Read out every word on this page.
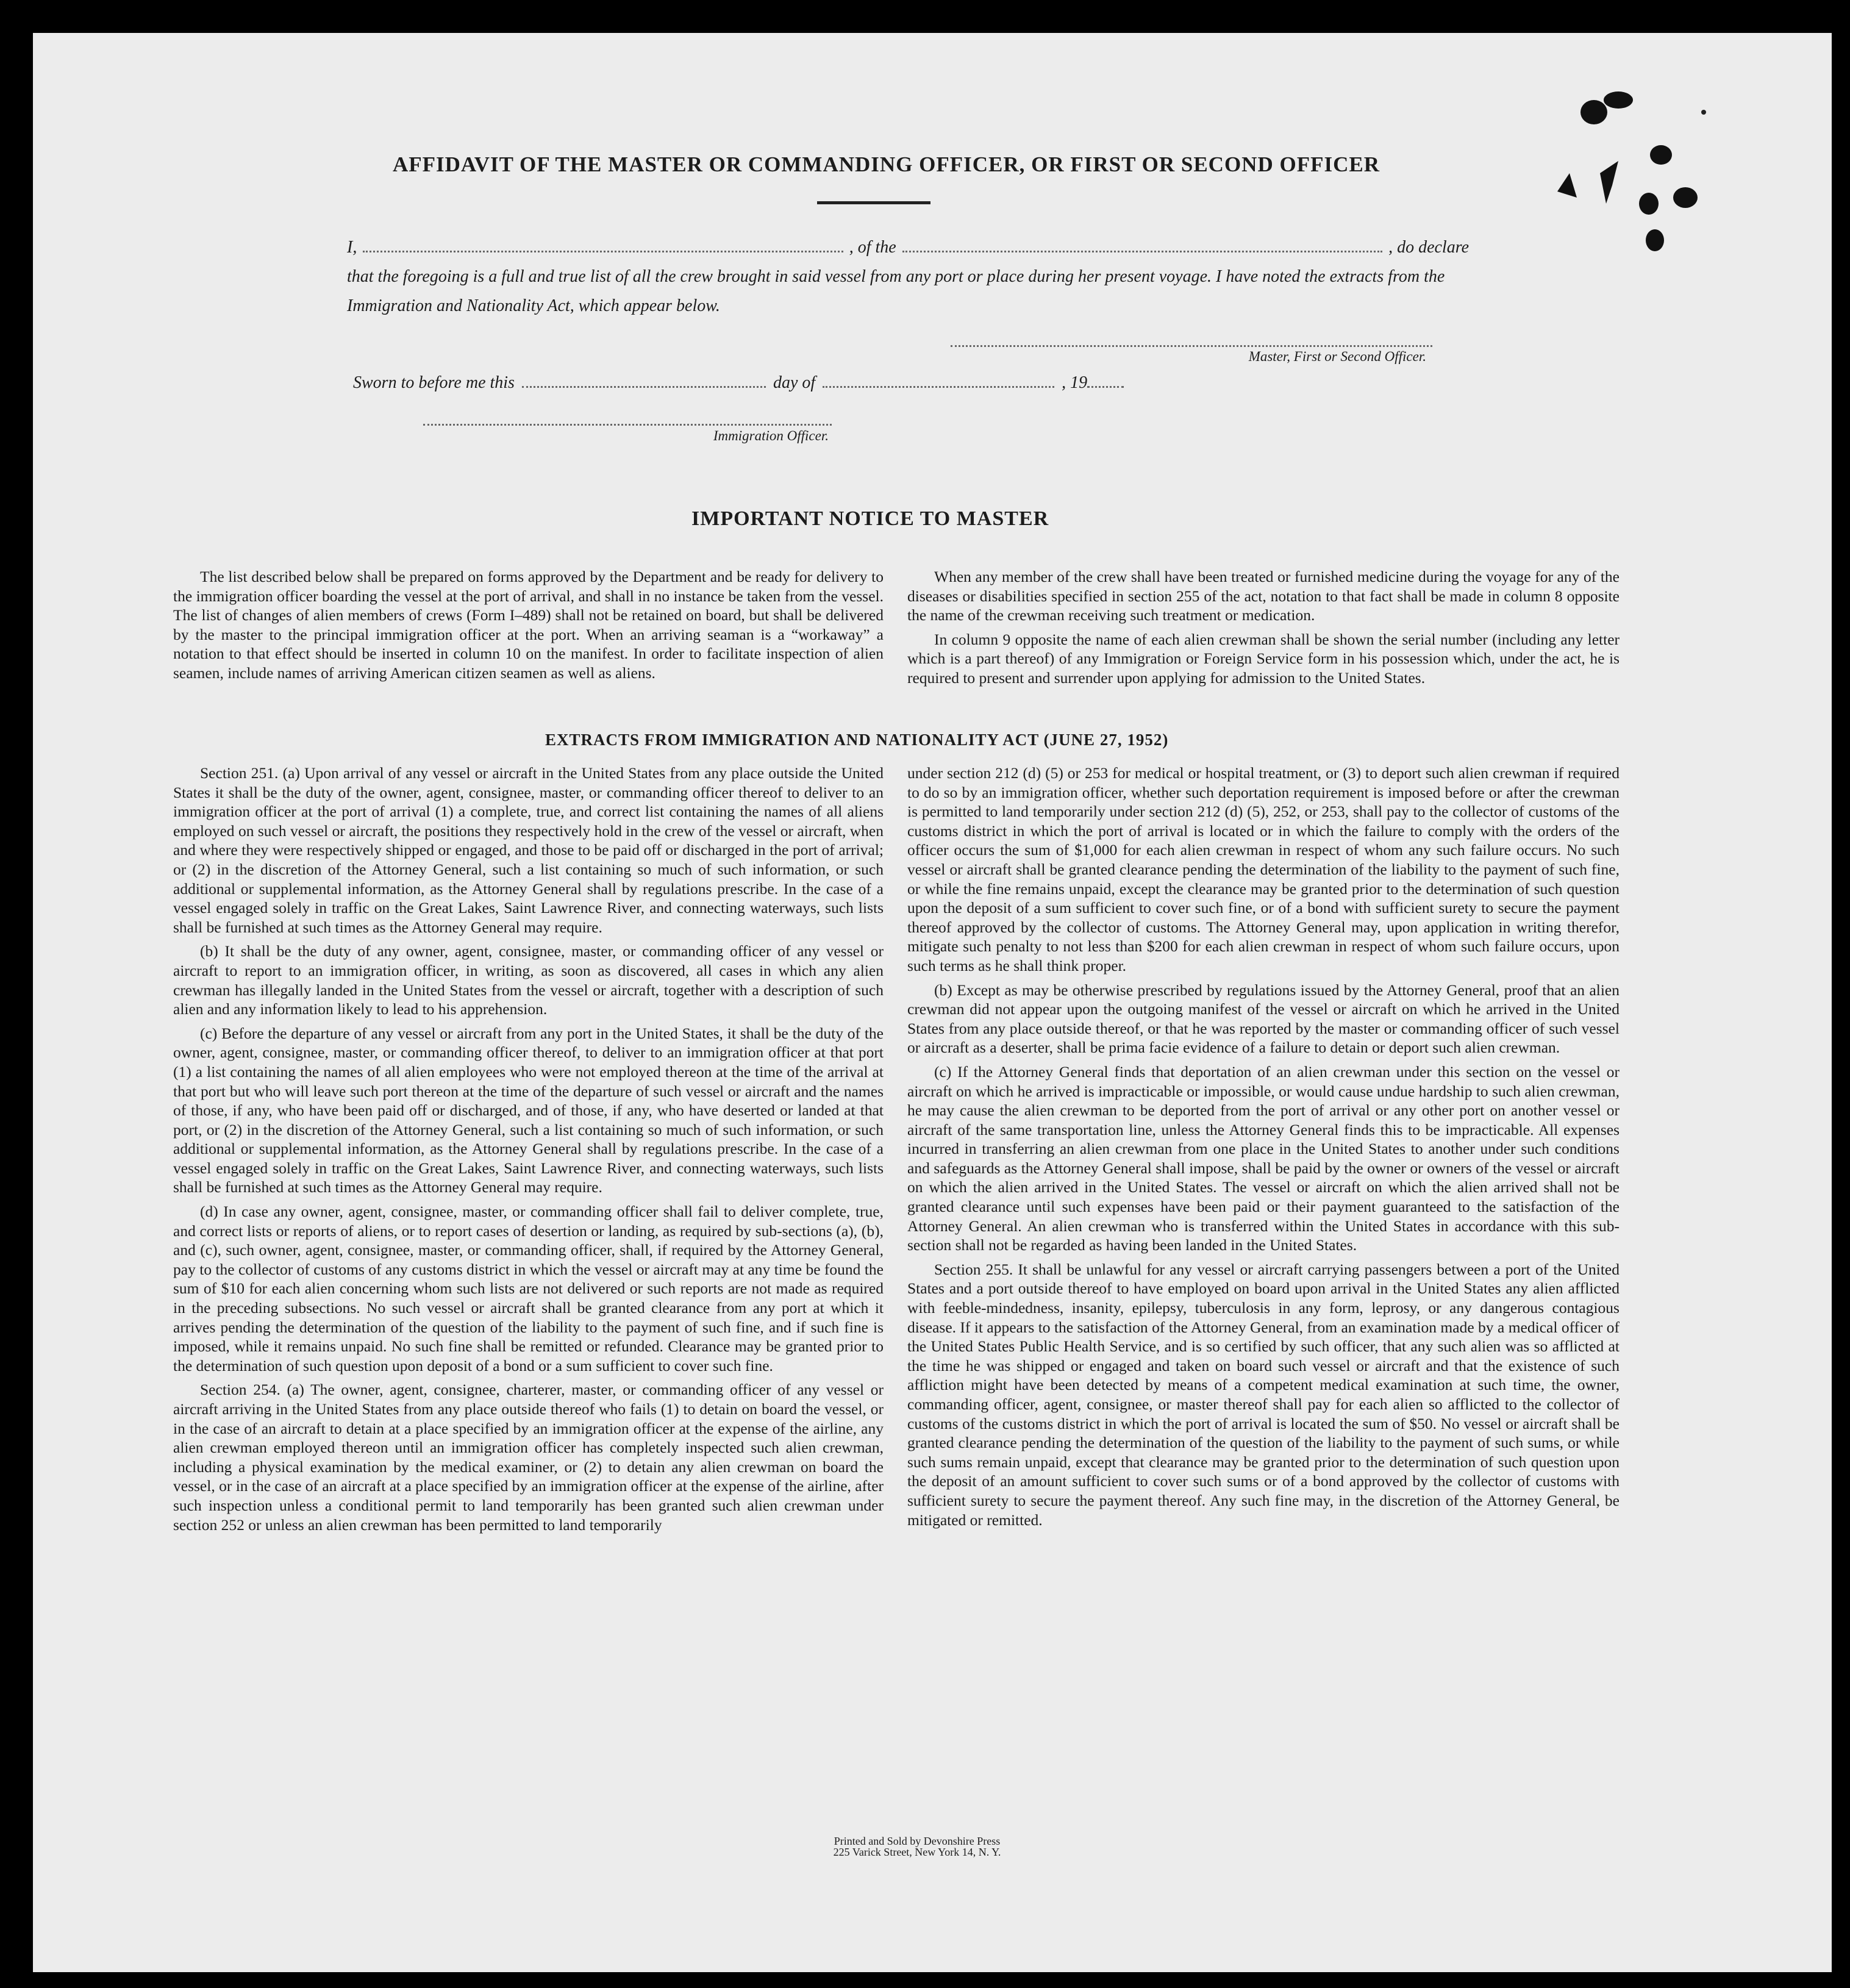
AFFIDAVIT OF THE MASTER OR COMMANDING OFFICER, OR FIRST OR SECOND OFFICER
I,	, of the	, do declare
that the foregoing is a full and true list of all the crew brought in said vessel from any port or place during her present voyage. I have noted the extracts from the Immigration and Nationality Act, which appear below.
Master, First or Second Officer.
Sworn to before me this	day of	, 19
Immigration Officer.
IMPORTANT NOTICE TO MASTER

The list described below shall be prepared on forms approved by the Department and be ready for delivery to the immigration officer boarding the vessel at the port of arrival, and shall in no instance be taken from the vessel. The list of changes of alien members of crews (Form I–489) shall not be retained on board, but shall be delivered by the master to the principal immigration officer at the port. When an arriving seaman is a “workaway” a notation to that effect should be inserted in column 10 on the manifest. In order to facilitate inspection of alien seamen, include names of arriving American citizen seamen as well as aliens.

When any member of the crew shall have been treated or furnished medicine during the voyage for any of the diseases or disabilities specified in section 255 of the act, notation to that fact shall be made in column 8 opposite the name of the crewman receiving such treatment or medication.

In column 9 opposite the name of each alien crewman shall be shown the serial number (including any letter which is a part thereof) of any Immigration or Foreign Service form in his possession which, under the act, he is required to present and surrender upon applying for admission to the United States.

EXTRACTS FROM IMMIGRATION AND NATIONALITY ACT (JUNE 27, 1952)

Section 251. (a) Upon arrival of any vessel or aircraft in the United States from any place outside the United States it shall be the duty of the owner, agent, consignee, master, or commanding officer thereof to deliver to an immigration officer at the port of arrival (1) a complete, true, and correct list containing the names of all aliens employed on such vessel or aircraft, the positions they respectively hold in the crew of the vessel or aircraft, when and where they were respectively shipped or engaged, and those to be paid off or discharged in the port of arrival; or (2) in the discretion of the Attorney General, such a list containing so much of such information, or such additional or supplemental information, as the Attorney General shall by regulations prescribe. In the case of a vessel engaged solely in traffic on the Great Lakes, Saint Lawrence River, and connecting waterways, such lists shall be furnished at such times as the Attorney General may require.

(b) It shall be the duty of any owner, agent, consignee, master, or commanding officer of any vessel or aircraft to report to an immigration officer, in writing, as soon as discovered, all cases in which any alien crewman has illegally landed in the United States from the vessel or aircraft, together with a description of such alien and any information likely to lead to his apprehension.

(c) Before the departure of any vessel or aircraft from any port in the United States, it shall be the duty of the owner, agent, consignee, master, or commanding officer thereof, to deliver to an immigration officer at that port (1) a list containing the names of all alien employees who were not employed thereon at the time of the arrival at that port but who will leave such port thereon at the time of the departure of such vessel or aircraft and the names of those, if any, who have been paid off or discharged, and of those, if any, who have deserted or landed at that port, or (2) in the discretion of the Attorney General, such a list containing so much of such information, or such additional or supplemental information, as the Attorney General shall by regulations prescribe. In the case of a vessel engaged solely in traffic on the Great Lakes, Saint Lawrence River, and connecting waterways, such lists shall be furnished at such times as the Attorney General may require.

(d) In case any owner, agent, consignee, master, or commanding officer shall fail to deliver complete, true, and correct lists or reports of aliens, or to report cases of desertion or landing, as required by sub-sections (a), (b), and (c), such owner, agent, consignee, master, or commanding officer, shall, if required by the Attorney General, pay to the collector of customs of any customs district in which the vessel or aircraft may at any time be found the sum of $10 for each alien concerning whom such lists are not delivered or such reports are not made as required in the preceding subsections. No such vessel or aircraft shall be granted clearance from any port at which it arrives pending the determination of the question of the liability to the payment of such fine, and if such fine is imposed, while it remains unpaid. No such fine shall be remitted or refunded. Clearance may be granted prior to the determination of such question upon deposit of a bond or a sum sufficient to cover such fine.

Section 254. (a) The owner, agent, consignee, charterer, master, or commanding officer of any vessel or aircraft arriving in the United States from any place outside thereof who fails (1) to detain on board the vessel, or in the case of an aircraft to detain at a place specified by an immigration officer at the expense of the airline, any alien crewman employed thereon until an immigration officer has completely inspected such alien crewman, including a physical examination by the medical examiner, or (2) to detain any alien crewman on board the vessel, or in the case of an aircraft at a place specified by an immigration officer at the expense of the airline, after such inspection unless a conditional permit to land temporarily has been granted such alien crewman under section 252 or unless an alien crewman has been permitted to land temporarily

under section 212 (d) (5) or 253 for medical or hospital treatment, or (3) to deport such alien crewman if required to do so by an immigration officer, whether such deportation requirement is imposed before or after the crewman is permitted to land temporarily under section 212 (d) (5), 252, or 253, shall pay to the collector of customs of the customs district in which the port of arrival is located or in which the failure to comply with the orders of the officer occurs the sum of $1,000 for each alien crewman in respect of whom any such failure occurs. No such vessel or aircraft shall be granted clearance pending the determination of the liability to the payment of such fine, or while the fine remains unpaid, except the clearance may be granted prior to the determination of such question upon the deposit of a sum sufficient to cover such fine, or of a bond with sufficient surety to secure the payment thereof approved by the collector of customs. The Attorney General may, upon application in writing therefor, mitigate such penalty to not less than $200 for each alien crewman in respect of whom such failure occurs, upon such terms as he shall think proper.

(b) Except as may be otherwise prescribed by regulations issued by the Attorney General, proof that an alien crewman did not appear upon the outgoing manifest of the vessel or aircraft on which he arrived in the United States from any place outside thereof, or that he was reported by the master or commanding officer of such vessel or aircraft as a deserter, shall be prima facie evidence of a failure to detain or deport such alien crewman.

(c) If the Attorney General finds that deportation of an alien crewman under this section on the vessel or aircraft on which he arrived is impracticable or impossible, or would cause undue hardship to such alien crewman, he may cause the alien crewman to be deported from the port of arrival or any other port on another vessel or aircraft of the same transportation line, unless the Attorney General finds this to be impracticable. All expenses incurred in transferring an alien crewman from one place in the United States to another under such conditions and safeguards as the Attorney General shall impose, shall be paid by the owner or owners of the vessel or aircraft on which the alien arrived in the United States. The vessel or aircraft on which the alien arrived shall not be granted clearance until such expenses have been paid or their payment guaranteed to the satisfaction of the Attorney General. An alien crewman who is transferred within the United States in accordance with this sub-section shall not be regarded as having been landed in the United States.

Section 255. It shall be unlawful for any vessel or aircraft carrying passengers between a port of the United States and a port outside thereof to have employed on board upon arrival in the United States any alien afflicted with feeble-mindedness, insanity, epilepsy, tuberculosis in any form, leprosy, or any dangerous contagious disease. If it appears to the satisfaction of the Attorney General, from an examination made by a medical officer of the United States Public Health Service, and is so certified by such officer, that any such alien was so afflicted at the time he was shipped or engaged and taken on board such vessel or aircraft and that the existence of such affliction might have been detected by means of a competent medical examination at such time, the owner, commanding officer, agent, consignee, or master thereof shall pay for each alien so afflicted to the collector of customs of the customs district in which the port of arrival is located the sum of $50. No vessel or aircraft shall be granted clearance pending the determination of the question of the liability to the payment of such sums, or while such sums remain unpaid, except that clearance may be granted prior to the determination of such question upon the deposit of an amount sufficient to cover such sums or of a bond approved by the collector of customs with sufficient surety to secure the payment thereof. Any such fine may, in the discretion of the Attorney General, be mitigated or remitted.

Printed and Sold by Devonshire Press
225 Varick Street, New York 14, N. Y.
